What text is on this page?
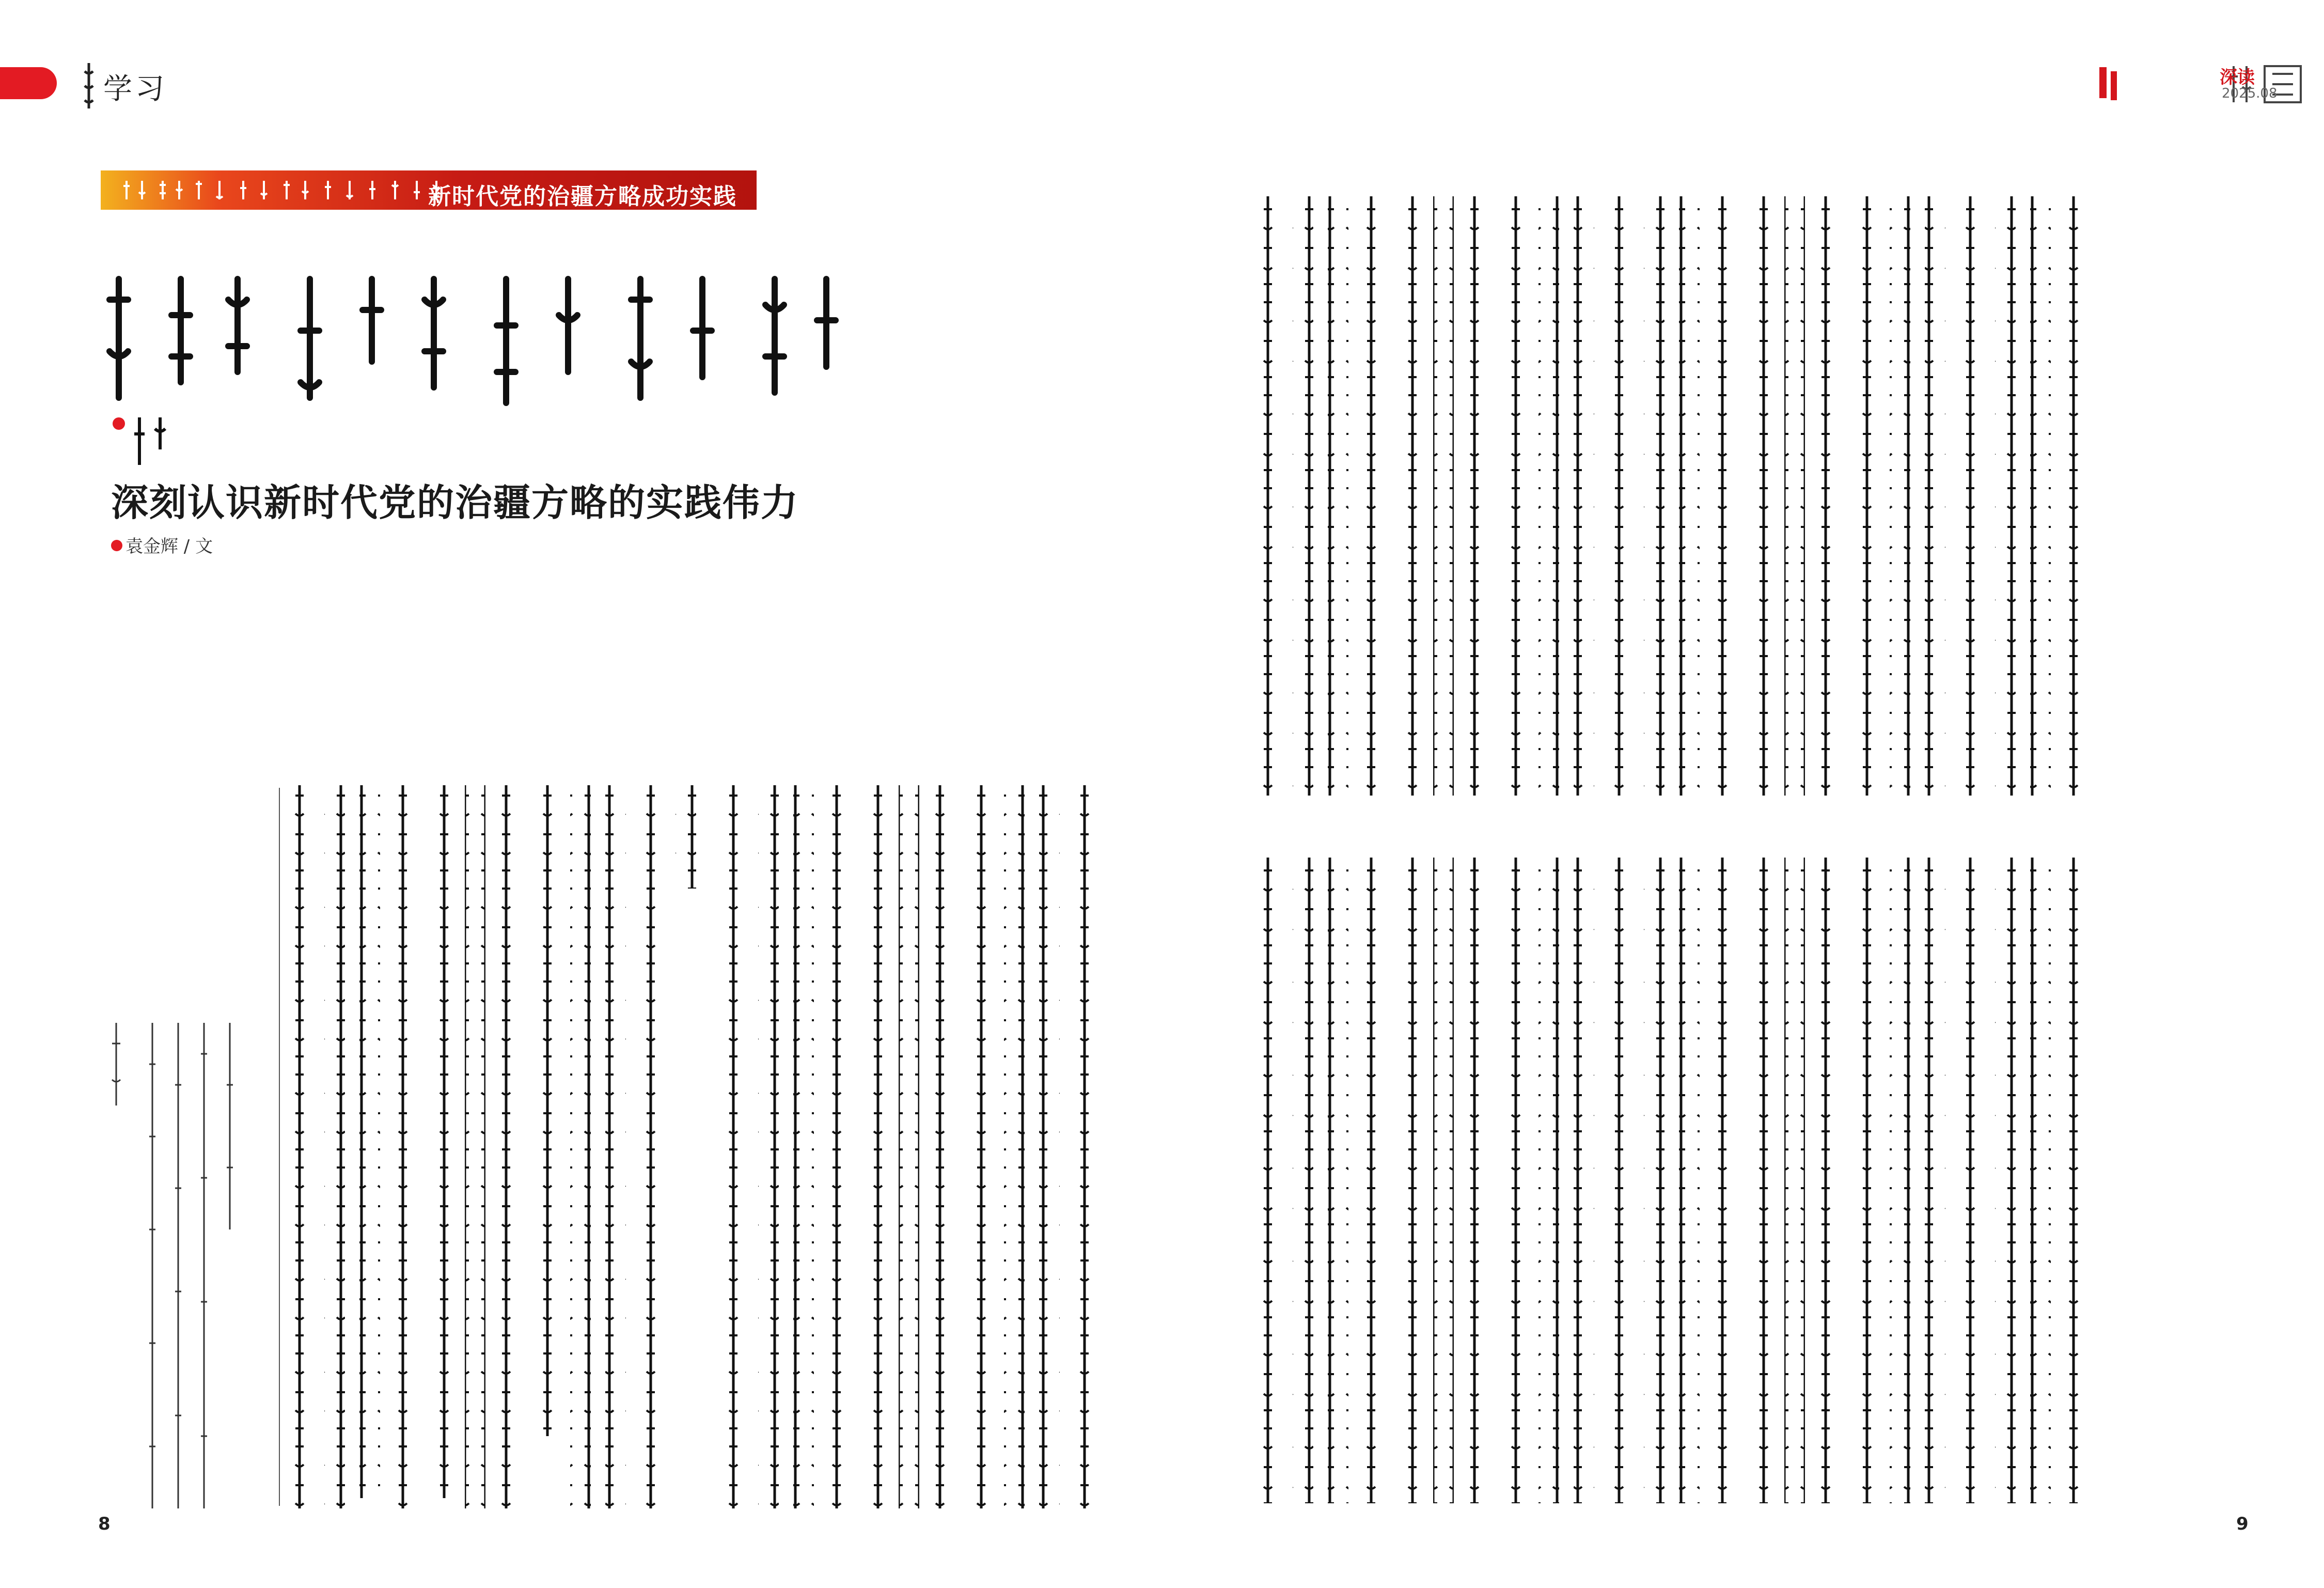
学习
新时代党的治疆方略成功实践
深刻认识新时代党的治疆方略的实践伟力
袁金辉 / 文
8
深读
2025.08
9
